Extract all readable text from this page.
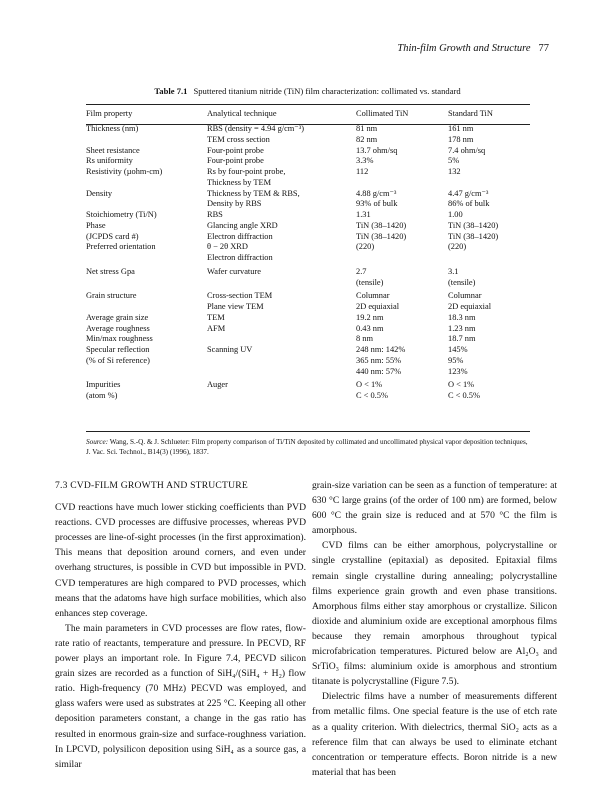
Thin-film Growth and Structure 77
Table 7.1 Sputtered titanium nitride (TiN) film characterization: collimated vs. standard
Film property	Analytical technique	Collimated TiN	Standard TiN
Thickness (nm)	RBS (density = 4.94 g/cm⁻³)	81 nm	161 nm
	TEM cross section	82 nm	178 nm
Sheet resistance	Four-point probe	13.7 ohm/sq	7.4 ohm/sq
Rs uniformity	Four-point probe	3.3%	5%
Resistivity (µohm-cm)	Rs by four-point probe,	112	132
	Thickness by TEM		
Density	Thickness by TEM & RBS,	4.88 g/cm⁻³	4.47 g/cm⁻³
	Density by RBS	93% of bulk	86% of bulk
Stoichiometry (Ti/N)	RBS	1.31	1.00
Phase	Glancing angle XRD	TiN (38–1420)	TiN (38–1420)
(JCPDS card #)	Electron diffraction	TiN (38–1420)	TiN (38–1420)
Preferred orientation	θ − 2θ XRD	(220)	(220)
	Electron diffraction		
Net stress Gpa	Wafer curvature	2.7	3.1
		(tensile)	(tensile)
Grain structure	Cross-section TEM	Columnar	Columnar
	Plane view TEM	2D equiaxial	2D equiaxial
Average grain size	TEM	19.2 nm	18.3 nm
Average roughness	AFM	0.43 nm	1.23 nm
Min/max roughness		8 nm	18.7 nm
Specular reflection	Scanning UV	248 nm: 142%	145%
(% of Si reference)		365 nm: 55%	95%
		440 nm: 57%	123%
Impurities	Auger	O < 1%	O < 1%
(atom %)		C < 0.5%	C < 0.5%
Source: Wang, S.-Q. & J. Schlueter: Film property comparison of Ti/TiN deposited by collimated and uncollimated physical vapor deposition techniques, J. Vac. Sci. Technol., B14(3) (1996), 1837.
7.3 CVD-FILM GROWTH AND STRUCTURE

CVD reactions have much lower sticking coefficients than PVD reactions. CVD processes are diffusive processes, whereas PVD processes are line-of-sight processes (in the first approximation). This means that deposition around corners, and even under overhang structures, is possible in CVD but impossible in PVD. CVD temperatures are high compared to PVD processes, which means that the adatoms have high surface mobilities, which also enhances step coverage.

The main parameters in CVD processes are flow rates, flow-rate ratio of reactants, temperature and pressure. In PECVD, RF power plays an important role. In Figure 7.4, PECVD silicon grain sizes are recorded as a function of SiH₄/(SiH₄ + H₂) flow ratio. High-frequency (70 MHz) PECVD was employed, and glass wafers were used as substrates at 225 °C. Keeping all other deposition parameters constant, a change in the gas ratio has resulted in enormous grain-size and surface-roughness variation. In LPCVD, polysilicon deposition using SiH₄ as a source gas, a similar

grain-size variation can be seen as a function of temperature: at 630 °C large grains (of the order of 100 nm) are formed, below 600 °C the grain size is reduced and at 570 °C the film is amorphous.

CVD films can be either amorphous, polycrystalline or single crystalline (epitaxial) as deposited. Epitaxial films remain single crystalline during annealing; polycrystalline films experience grain growth and even phase transitions. Amorphous films either stay amorphous or crystallize. Silicon dioxide and aluminium oxide are exceptional amorphous films because they remain amorphous throughout typical microfabrication temperatures. Pictured below are Al₂O₃ and SrTiO₃ films: aluminium oxide is amorphous and strontium titanate is polycrystalline (Figure 7.5).

Dielectric films have a number of measurements different from metallic films. One special feature is the use of etch rate as a quality criterion. With dielectrics, thermal SiO₂ acts as a reference film that can always be used to eliminate etchant concentration or temperature effects. Boron nitride is a new material that has been
